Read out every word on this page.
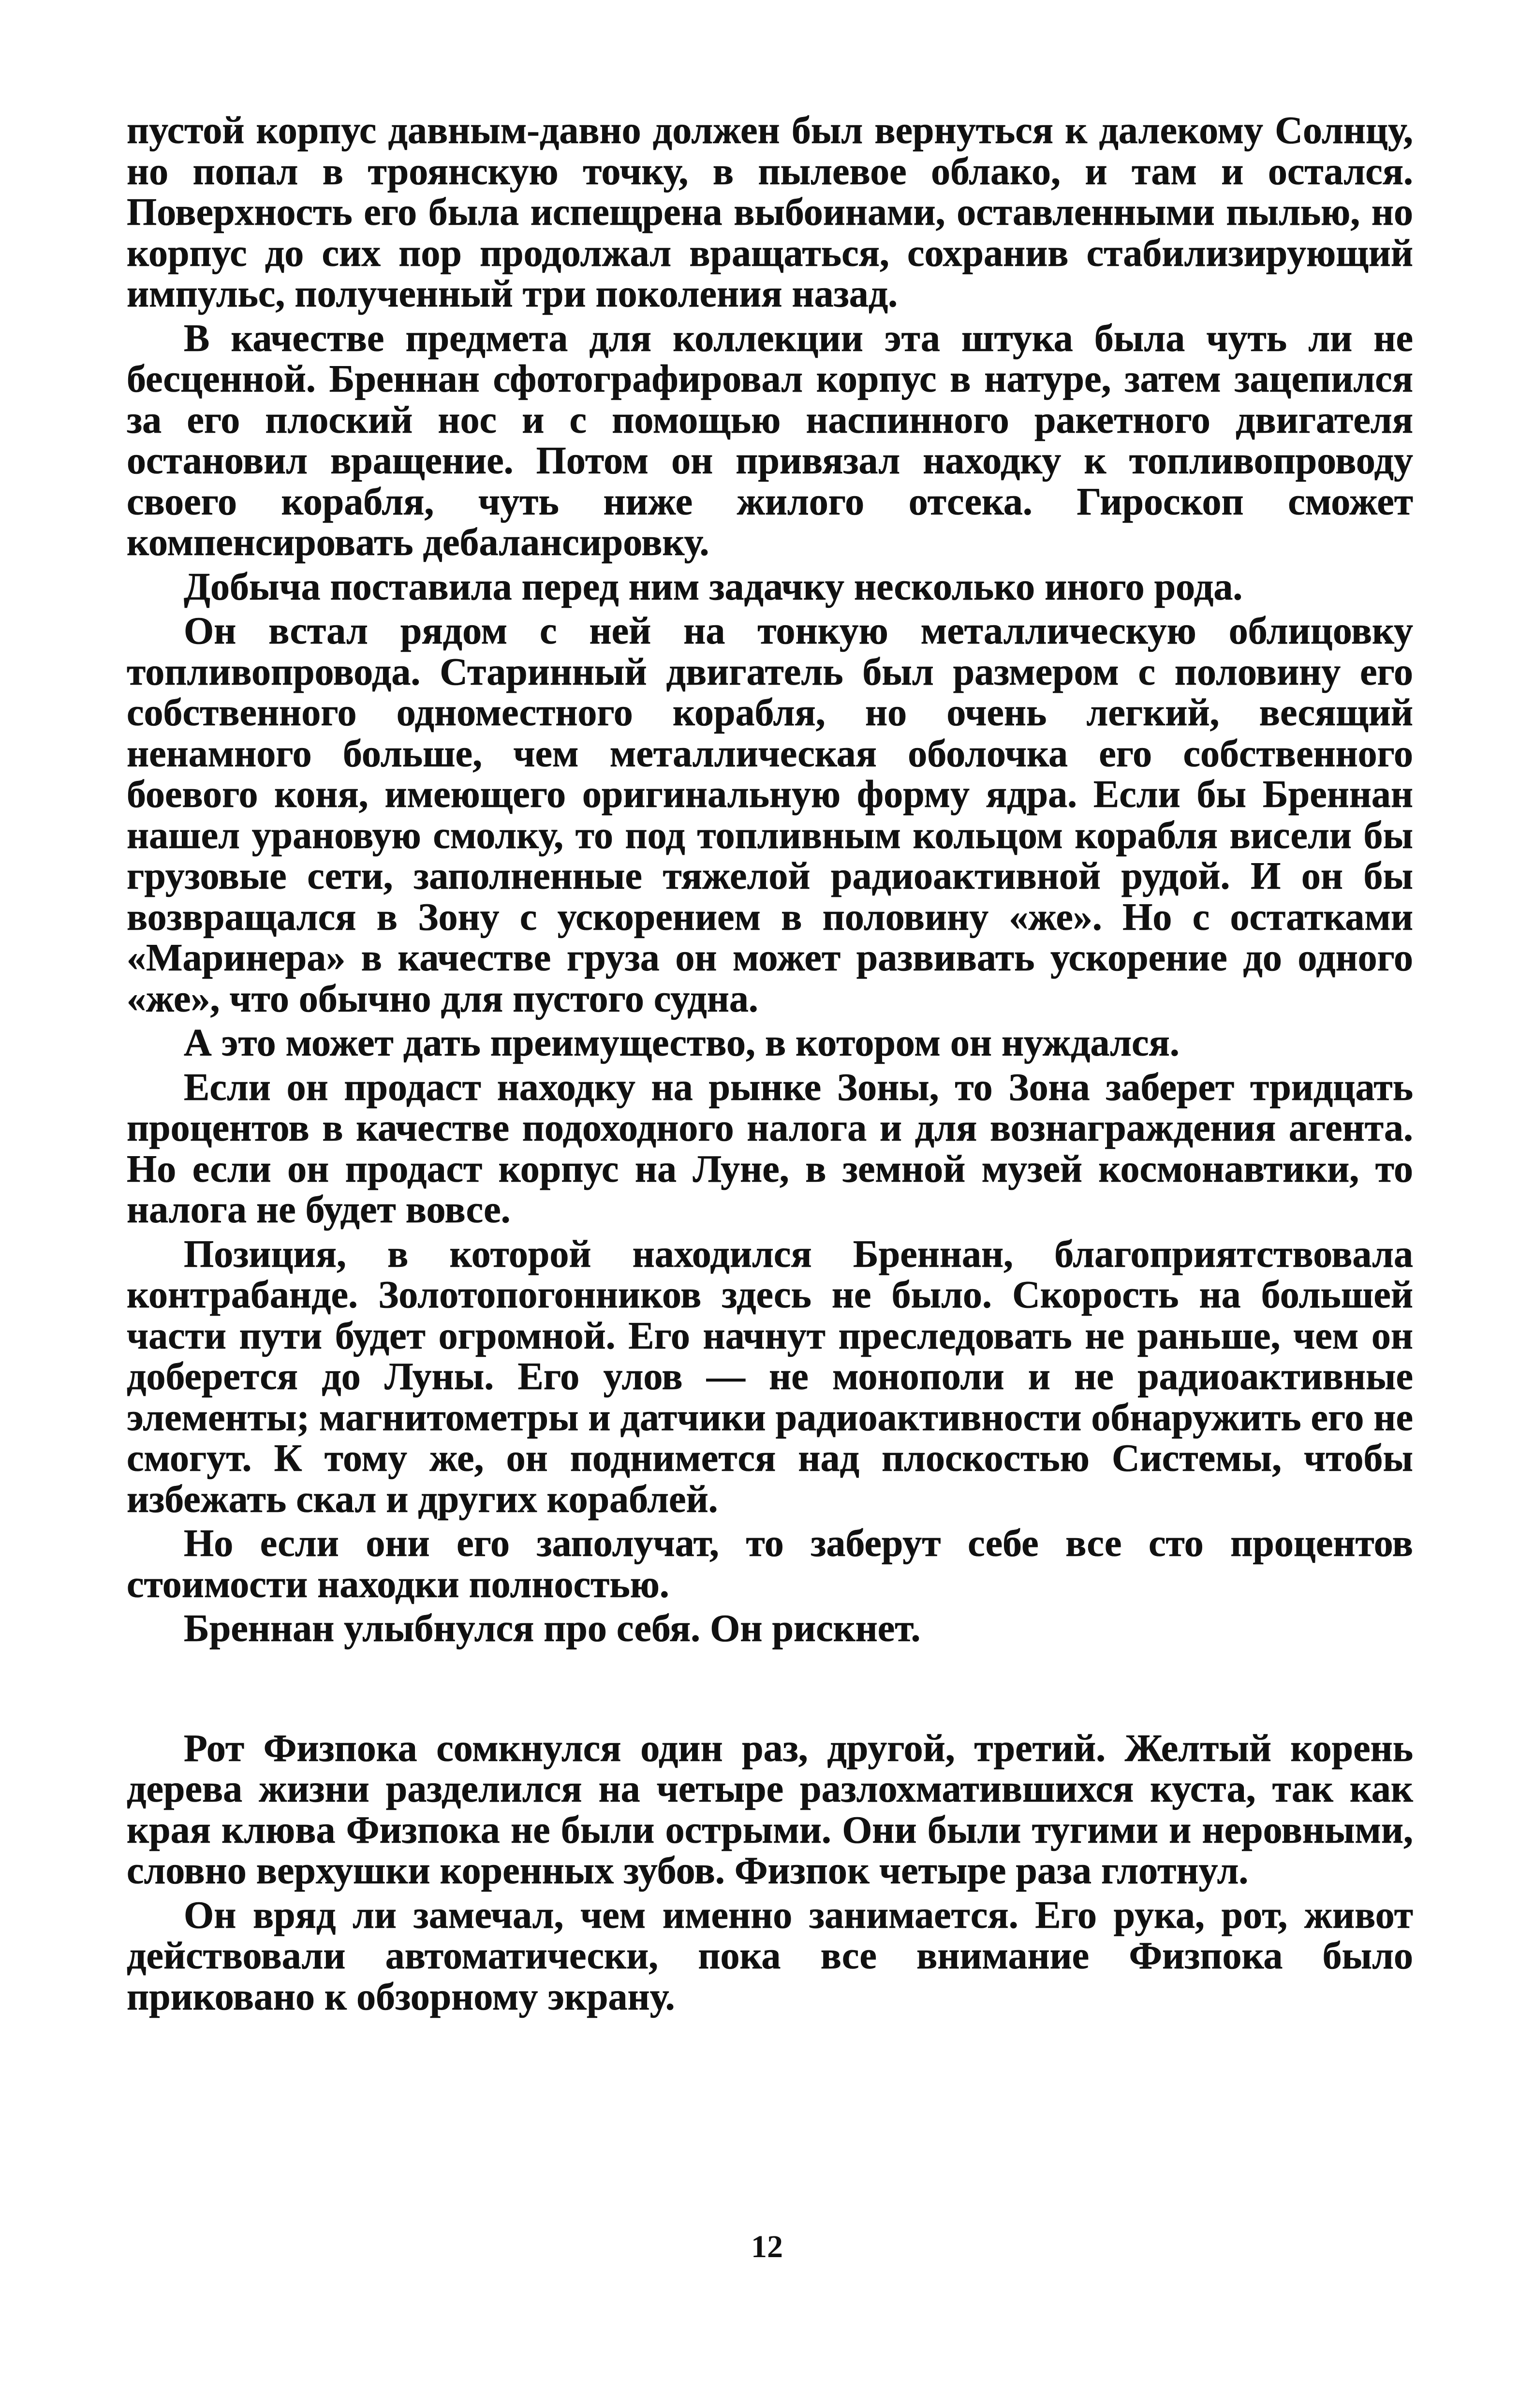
пустой корпус давным-давно должен был вернуться к далекому Солнцу, но попал в троянскую точку, в пылевое облако, и там и остался. Поверхность его была испещрена выбоинами, оставленными пылью, но корпус до сих пор продолжал вращаться, сохранив стабилизирующий импульс, полученный три поколения назад.

В качестве предмета для коллекции эта штука была чуть ли не бесценной. Бреннан сфотографировал корпус в натуре, затем зацепился за его плоский нос и с помощью наспинного ракетного двигателя остановил вращение. Потом он привязал находку к топливопроводу своего корабля, чуть ниже жилого отсека. Гироскоп сможет компенсировать дебалансировку.

Добыча поставила перед ним задачку несколько иного рода.

Он встал рядом с ней на тонкую металлическую облицовку топливопровода. Старинный двигатель был размером с половину его собственного одноместного корабля, но очень легкий, весящий ненамного больше, чем металлическая оболочка его собственного боевого коня, имеющего оригинальную форму ядра. Если бы Бреннан нашел урановую смолку, то под топливным кольцом корабля висели бы грузовые сети, заполненные тяжелой радиоактивной рудой. И он бы возвращался в Зону с ускорением в половину «же». Но с остатками «Маринера» в качестве груза он может развивать ускорение до одного «же», что обычно для пустого судна.

А это может дать преимущество, в котором он нуждался.

Если он продаст находку на рынке Зоны, то Зона заберет тридцать процентов в качестве подоходного налога и для вознаграждения агента. Но если он продаст корпус на Луне, в земной музей космонавтики, то налога не будет вовсе.

Позиция, в которой находился Бреннан, благоприятствовала контрабанде. Золотопогонников здесь не было. Скорость на большей части пути будет огромной. Его начнут преследовать не раньше, чем он доберется до Луны. Его улов — не монополи и не радиоактивные элементы; магнитометры и датчики радиоактивности обнаружить его не смогут. К тому же, он поднимется над плоскостью Системы, чтобы избежать скал и других кораблей.

Но если они его заполучат, то заберут себе все сто процентов стоимости находки полностью.

Бреннан улыбнулся про себя. Он рискнет.

Рот Физпока сомкнулся один раз, другой, третий. Желтый корень дерева жизни разделился на четыре разлохматившихся куста, так как края клюва Физпока не были острыми. Они были тугими и неровными, словно верхушки коренных зубов. Физпок четыре раза глотнул.

Он вряд ли замечал, чем именно занимается. Его рука, рот, живот действовали автоматически, пока все внимание Физпока было приковано к обзорному экрану.

12
